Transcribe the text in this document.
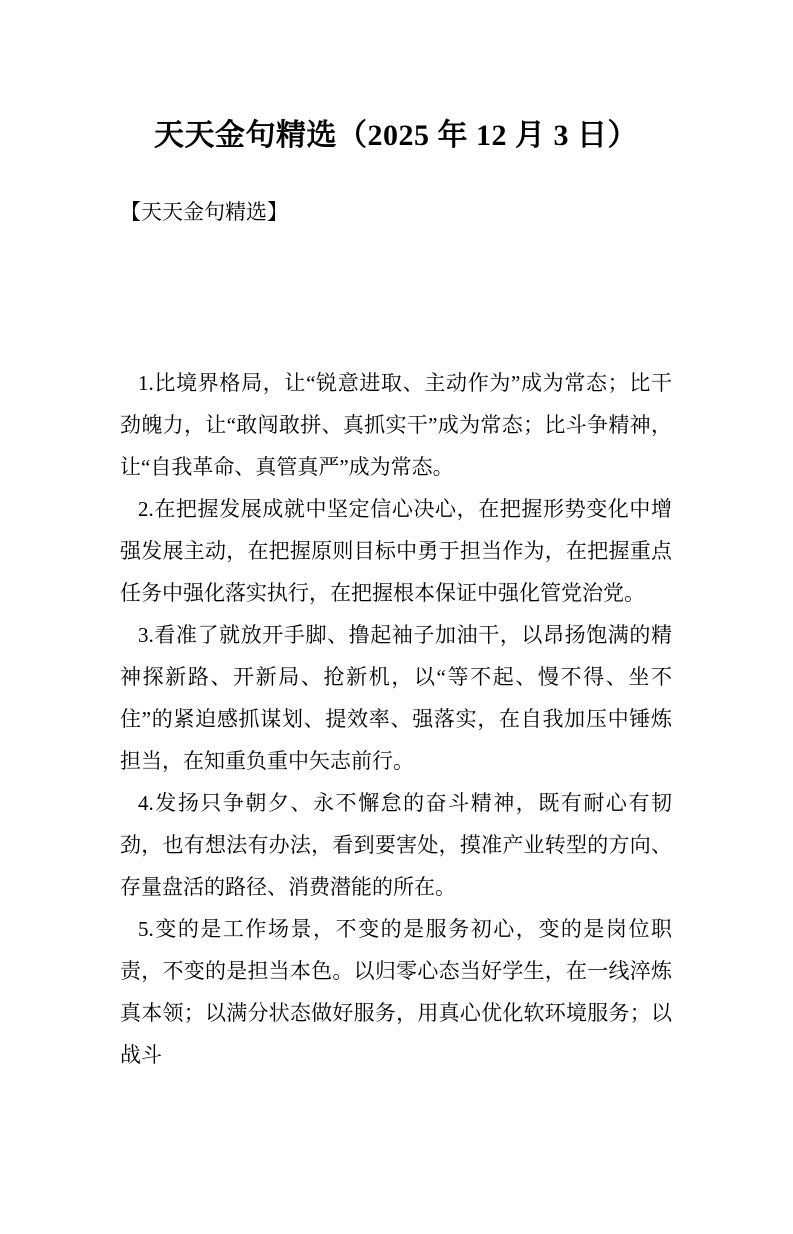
天天金句精选（2025 年 12 月 3 日）
【天天金句精选】

1.比境界格局，让“锐意进取、主动作为”成为常态；比干劲魄力，让“敢闯敢拼、真抓实干”成为常态；比斗争精神，让“自我革命、真管真严”成为常态。

2.在把握发展成就中坚定信心决心，在把握形势变化中增强发展主动，在把握原则目标中勇于担当作为，在把握重点任务中强化落实执行，在把握根本保证中强化管党治党。

3.看准了就放开手脚、撸起袖子加油干，以昂扬饱满的精神探新路、开新局、抢新机，以“等不起、慢不得、坐不住”的紧迫感抓谋划、提效率、强落实，在自我加压中锤炼担当，在知重负重中矢志前行。

4.发扬只争朝夕、永不懈怠的奋斗精神，既有耐心有韧劲，也有想法有办法，看到要害处，摸准产业转型的方向、存量盘活的路径、消费潜能的所在。

5.变的是工作场景，不变的是服务初心，变的是岗位职责，不变的是担当本色。以归零心态当好学生，在一线淬炼真本领；以满分状态做好服务，用真心优化软环境服务；以战斗
